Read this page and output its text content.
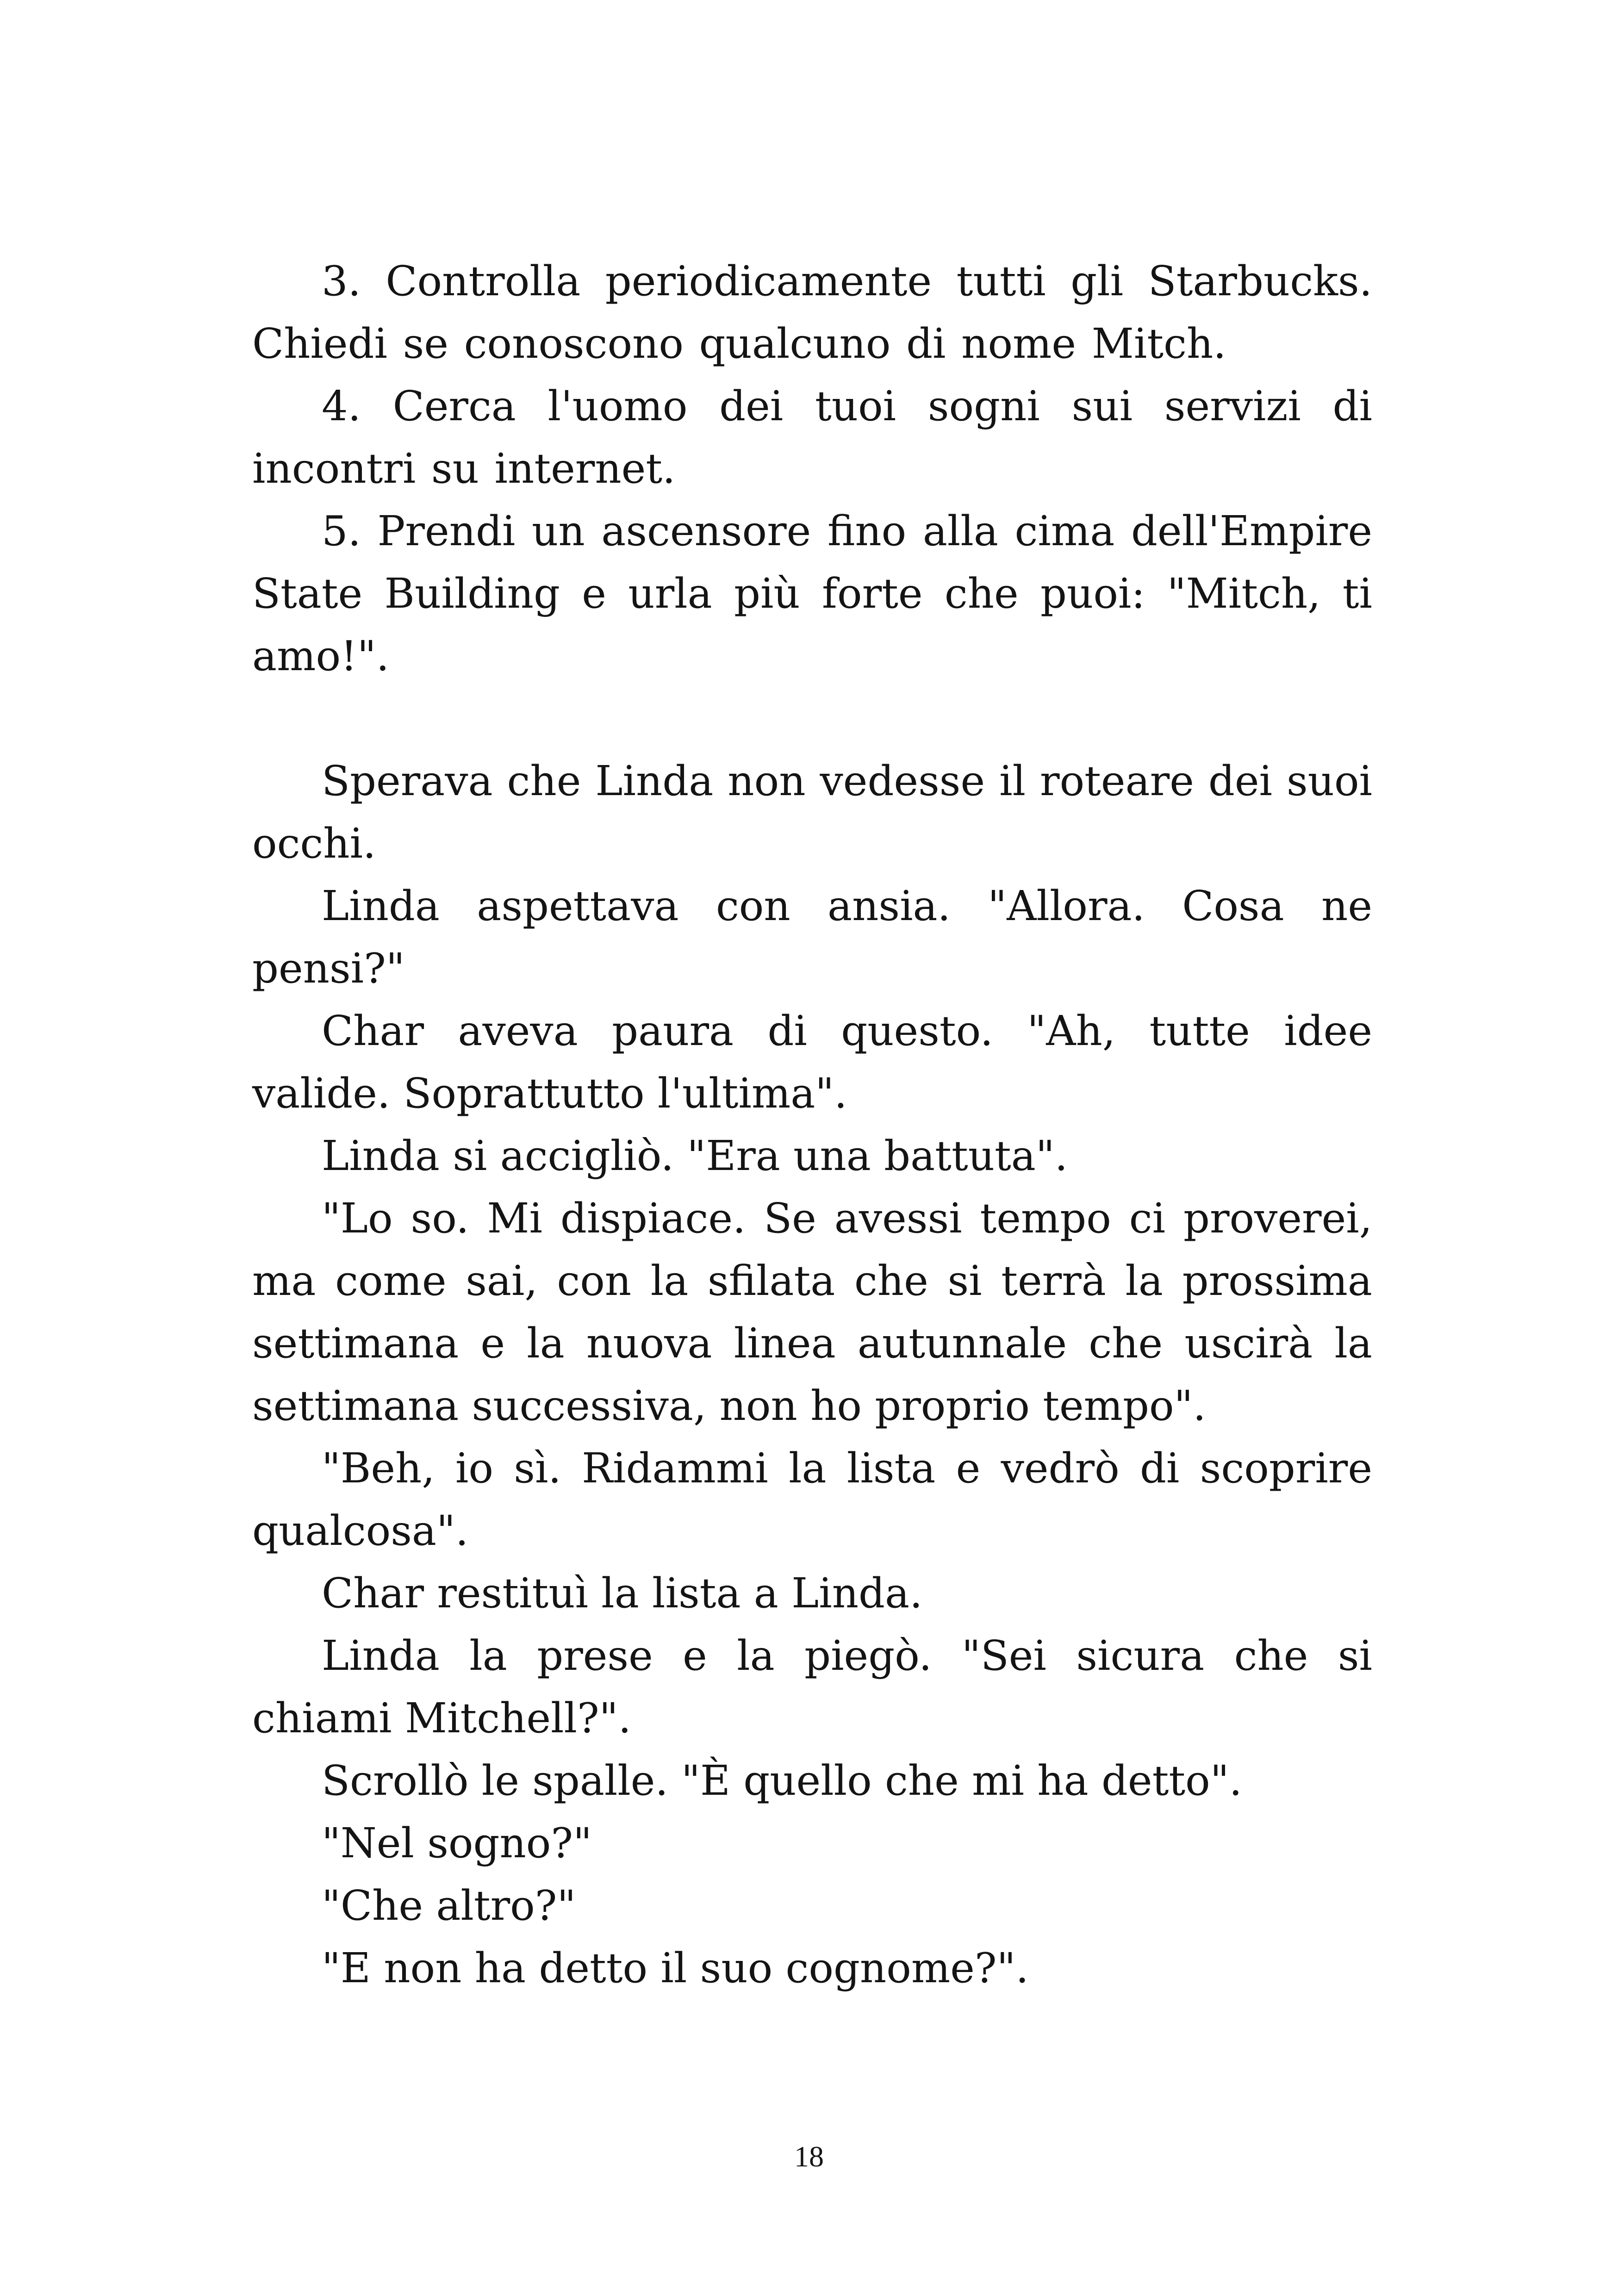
3. Controlla periodicamente tutti gli Starbucks. Chiedi se conoscono qualcuno di nome Mitch.

4. Cerca l'uomo dei tuoi sogni sui servizi di incontri su internet.

5. Prendi un ascensore fino alla cima dell'Empire State Building e urla più forte che puoi: "Mitch, ti amo!".

Sperava che Linda non vedesse il roteare dei suoi occhi.

Linda aspettava con ansia. "Allora. Cosa ne pensi?"

Char aveva paura di questo. "Ah, tutte idee valide. Soprattutto l'ultima".

Linda si accigliò. "Era una battuta".

"Lo so. Mi dispiace. Se avessi tempo ci proverei, ma come sai, con la sfilata che si terrà la prossima settimana e la nuova linea autunnale che uscirà la settimana successiva, non ho proprio tempo".

"Beh, io sì. Ridammi la lista e vedrò di scoprire qualcosa".

Char restituì la lista a Linda.

Linda la prese e la piegò. "Sei sicura che si chiami Mitchell?".

Scrollò le spalle. "È quello che mi ha detto".

"Nel sogno?"

"Che altro?"

"E non ha detto il suo cognome?".

18
